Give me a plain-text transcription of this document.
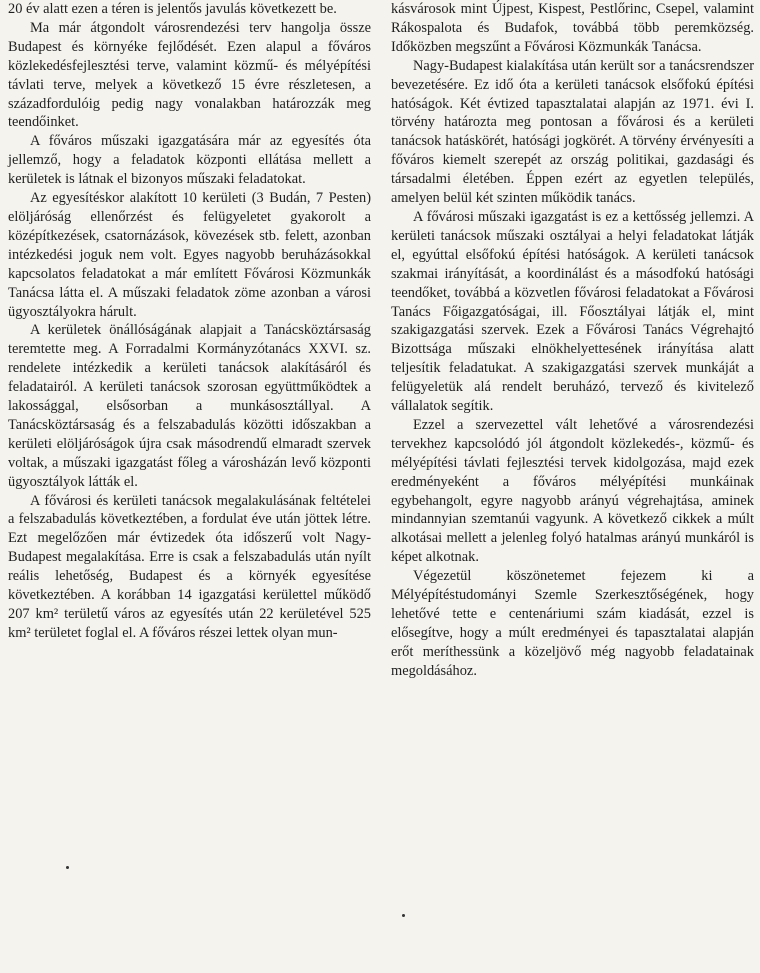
20 év alatt ezen a téren is jelentős javulás következett be.

Ma már átgondolt városrendezési terv hangolja össze Budapest és környéke fejlődését. Ezen alapul a főváros közlekedésfejlesztési terve, valamint közmű- és mélyépítési távlati terve, melyek a következő 15 évre részletesen, a századfordulóig pedig nagy vonalakban határozzák meg teendőinket.

A főváros műszaki igazgatására már az egyesítés óta jellemző, hogy a feladatok központi ellátása mellett a kerületek is látnak el bizonyos műszaki feladatokat.

Az egyesítéskor alakított 10 kerületi (3 Budán, 7 Pesten) elöljáróság ellenőrzést és felügyeletet gyakorolt a középítkezések, csatornázások, kövezések stb. felett, azonban intézkedési joguk nem volt. Egyes nagyobb beruházásokkal kapcsolatos feladatokat a már említett Fővárosi Közmunkák Tanácsa látta el. A műszaki feladatok zöme azonban a városi ügyosztályokra hárult.

A kerületek önállóságának alapjait a Tanácsköztársaság teremtette meg. A Forradalmi Kormányzótanács XXVI. sz. rendelete intézkedik a kerületi tanácsok alakításáról és feladatairól. A kerületi tanácsok szorosan együttműködtek a lakossággal, elsősorban a munkásosztállyal. A Tanácsköztársaság és a felszabadulás közötti időszakban a kerületi elöljáróságok újra csak másodrendű elmaradt szervek voltak, a műszaki igazgatást főleg a városházán levő központi ügyosztályok látták el.

A fővárosi és kerületi tanácsok megalakulásának feltételei a felszabadulás következtében, a fordulat éve után jöttek létre. Ezt megelőzően már évtizedek óta időszerű volt Nagy-Budapest megalakítása. Erre is csak a felszabadulás után nyílt reális lehetőség, Budapest és a környék egyesítése következtében. A korábban 14 igazgatási kerülettel működő 207 km² területű város az egyesítés után 22 kerületével 525 km² területet foglal el. A főváros részei lettek olyan mun-

kásvárosok mint Újpest, Kispest, Pestlőrinc, Csepel, valamint Rákospalota és Budafok, továbbá több peremközség. Időközben megszűnt a Fővárosi Közmunkák Tanácsa.

Nagy-Budapest kialakítása után került sor a tanácsrendszer bevezetésére. Ez idő óta a kerületi tanácsok elsőfokú építési hatóságok. Két évtized tapasztalatai alapján az 1971. évi I. törvény határozta meg pontosan a fővárosi és a kerületi tanácsok hatáskörét, hatósági jogkörét. A törvény érvényesíti a főváros kiemelt szerepét az ország politikai, gazdasági és társadalmi életében. Éppen ezért az egyetlen település, amelyen belül két szinten működik tanács.

A fővárosi műszaki igazgatást is ez a kettősség jellemzi. A kerületi tanácsok műszaki osztályai a helyi feladatokat látják el, egyúttal elsőfokú építési hatóságok. A kerületi tanácsok szakmai irányítását, a koordinálást és a másodfokú hatósági teendőket, továbbá a közvetlen fővárosi feladatokat a Fővárosi Tanács Főigazgatóságai, ill. Főosztályai látják el, mint szakigazgatási szervek. Ezek a Fővárosi Tanács Végrehajtó Bizottsága műszaki elnökhelyettesének irányítása alatt teljesítik feladatukat. A szakigazgatási szervek munkáját a felügyeletük alá rendelt beruházó, tervező és kivitelező vállalatok segítik.

Ezzel a szervezettel vált lehetővé a városrendezési tervekhez kapcsolódó jól átgondolt közlekedés-, közmű- és mélyépítési távlati fejlesztési tervek kidolgozása, majd ezek eredményeként a főváros mélyépítési munkáinak egybehangolt, egyre nagyobb arányú végrehajtása, aminek mindannyian szemtanúi vagyunk. A következő cikkek a múlt alkotásai mellett a jelenleg folyó hatalmas arányú munkáról is képet alkotnak.

Végezetül köszönetemet fejezem ki a Mélyépítéstudományi Szemle Szerkesztőségének, hogy lehetővé tette e centenáriumi szám kiadását, ezzel is elősegítve, hogy a múlt eredményei és tapasztalatai alapján erőt meríthessünk a közeljövő még nagyobb feladatainak megoldásához.
